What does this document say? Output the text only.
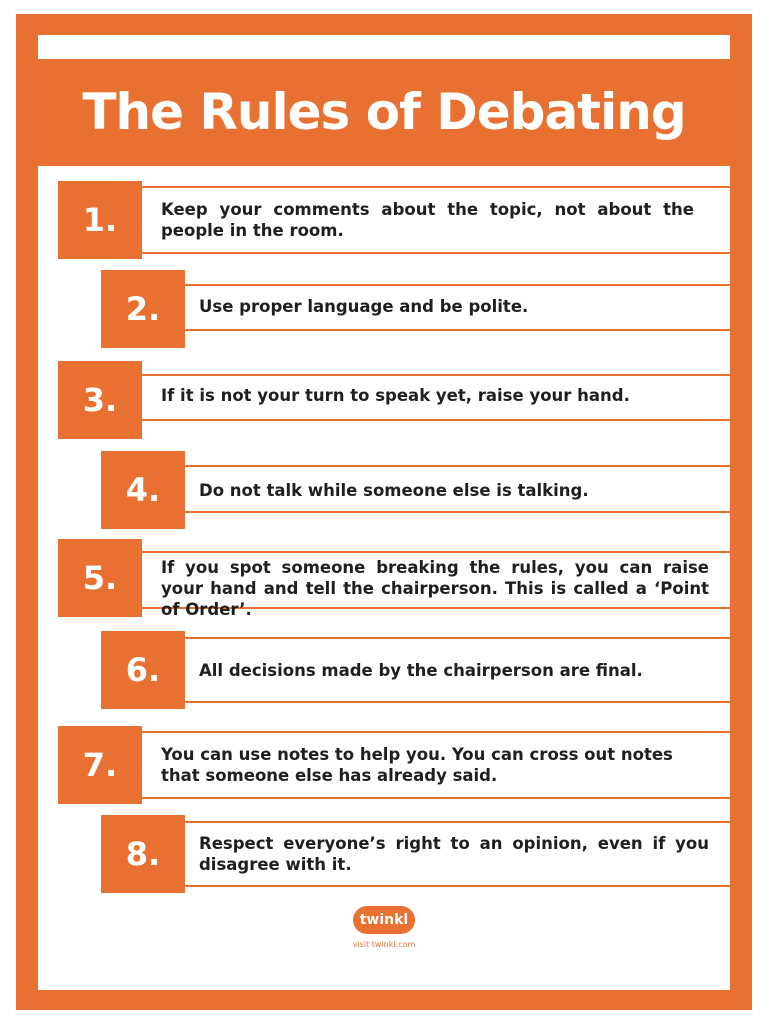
The Rules of Debating
1.	Keep your comments about the topic, not about the people in the room.
2.	Use proper language and be polite.
3.	If it is not your turn to speak yet, raise your hand.
4.	Do not talk while someone else is talking.
5.	If you spot someone breaking the rules, you can raise your hand and tell the chairperson. This is called a ‘Point of Order’.
6.	All decisions made by the chairperson are final.
7.	You can use notes to help you. You can cross out notes that someone else has already said.
8.	Respect everyone’s right to an opinion, even if you disagree with it.
twinkl
visit twinkl.com
